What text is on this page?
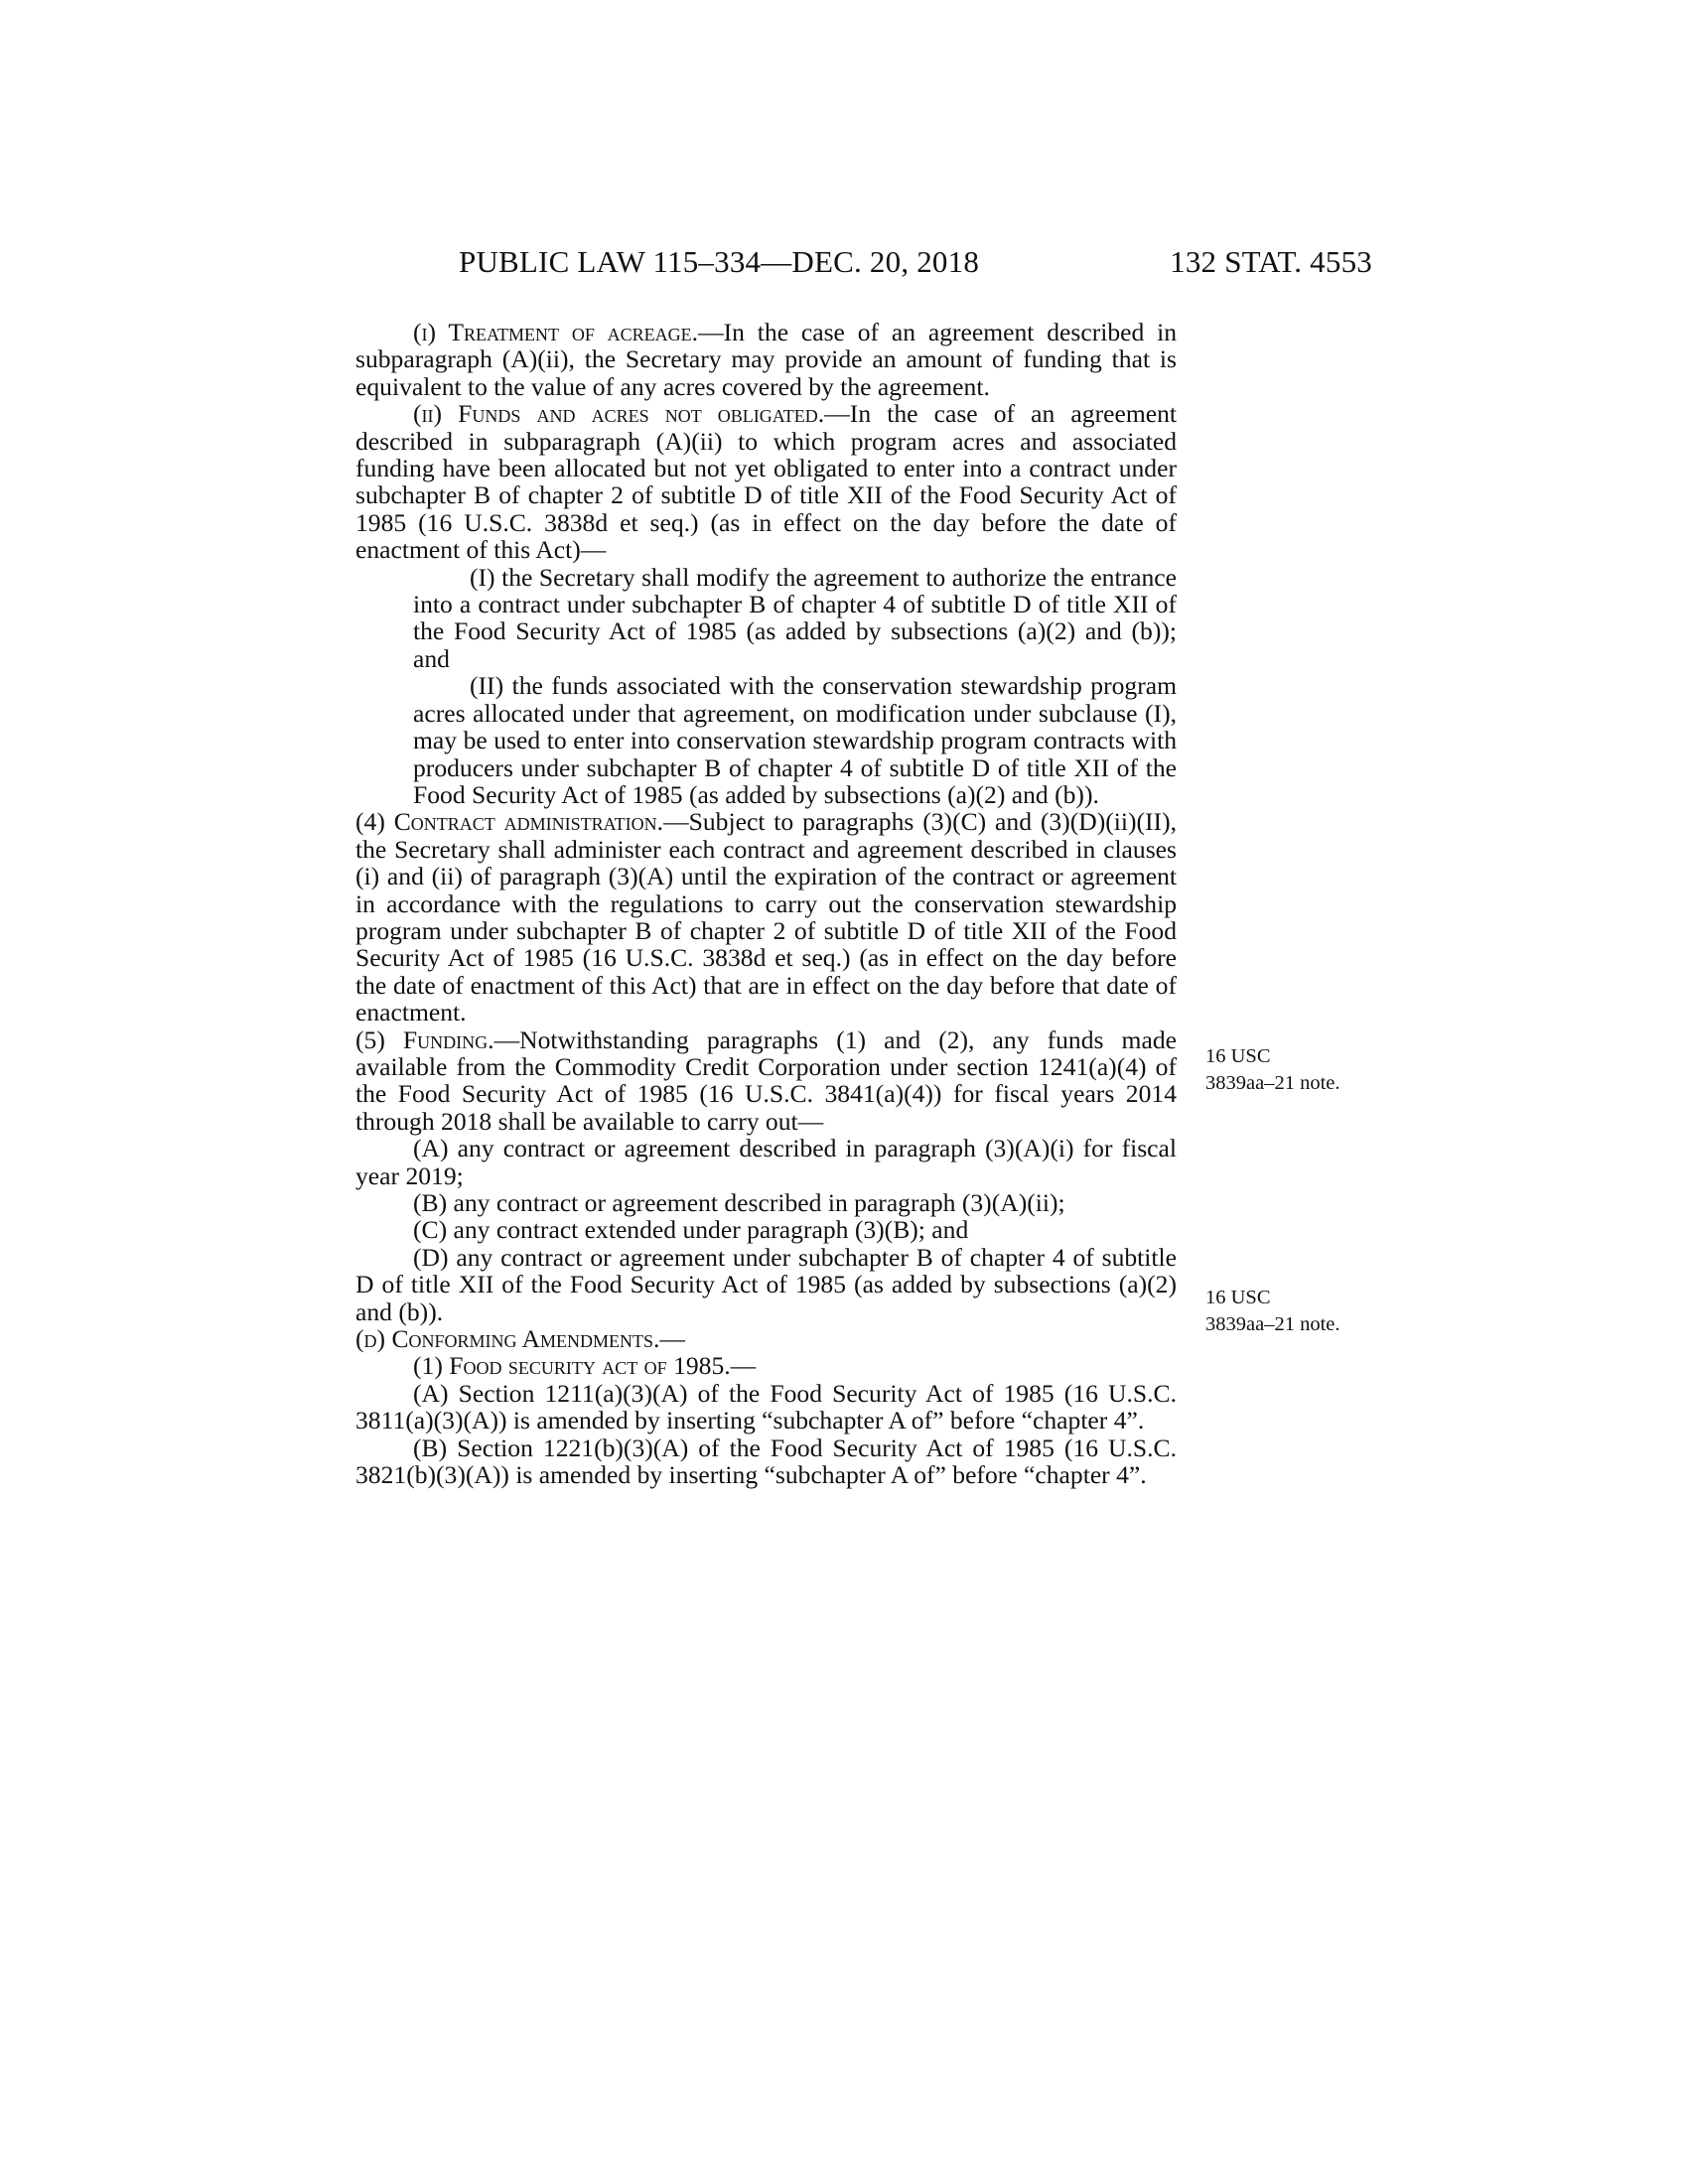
PUBLIC LAW 115–334—DEC. 20, 2018	132 STAT. 4553

(i) Treatment of acreage.—In the case of an agreement described in subparagraph (A)(ii), the Secretary may provide an amount of funding that is equivalent to the value of any acres covered by the agreement.

(ii) Funds and acres not obligated.—In the case of an agreement described in subparagraph (A)(ii) to which program acres and associated funding have been allocated but not yet obligated to enter into a contract under subchapter B of chapter 2 of subtitle D of title XII of the Food Security Act of 1985 (16 U.S.C. 3838d et seq.) (as in effect on the day before the date of enactment of this Act)—

(I) the Secretary shall modify the agreement to authorize the entrance into a contract under subchapter B of chapter 4 of subtitle D of title XII of the Food Security Act of 1985 (as added by subsections (a)(2) and (b)); and

(II) the funds associated with the conservation stewardship program acres allocated under that agreement, on modification under subclause (I), may be used to enter into conservation stewardship program contracts with producers under subchapter B of chapter 4 of subtitle D of title XII of the Food Security Act of 1985 (as added by subsections (a)(2) and (b)).

(4) Contract administration.—Subject to paragraphs (3)(C) and (3)(D)(ii)(II), the Secretary shall administer each contract and agreement described in clauses (i) and (ii) of paragraph (3)(A) until the expiration of the contract or agreement in accordance with the regulations to carry out the conservation stewardship program under subchapter B of chapter 2 of subtitle D of title XII of the Food Security Act of 1985 (16 U.S.C. 3838d et seq.) (as in effect on the day before the date of enactment of this Act) that are in effect on the day before that date of enactment.

(5) Funding.—Notwithstanding paragraphs (1) and (2), any funds made available from the Commodity Credit Corporation under section 1241(a)(4) of the Food Security Act of 1985 (16 U.S.C. 3841(a)(4)) for fiscal years 2014 through 2018 shall be available to carry out—

(A) any contract or agreement described in paragraph (3)(A)(i) for fiscal year 2019;

(B) any contract or agreement described in paragraph (3)(A)(ii);

(C) any contract extended under paragraph (3)(B); and

(D) any contract or agreement under subchapter B of chapter 4 of subtitle D of title XII of the Food Security Act of 1985 (as added by subsections (a)(2) and (b)).

(d) Conforming Amendments.—

(1) Food security act of 1985.—

(A) Section 1211(a)(3)(A) of the Food Security Act of 1985 (16 U.S.C. 3811(a)(3)(A)) is amended by inserting “subchapter A of” before “chapter 4”.

(B) Section 1221(b)(3)(A) of the Food Security Act of 1985 (16 U.S.C. 3821(b)(3)(A)) is amended by inserting “subchapter A of” before “chapter 4”.

16 USC
3839aa–21 note.
16 USC
3839aa–21 note.
